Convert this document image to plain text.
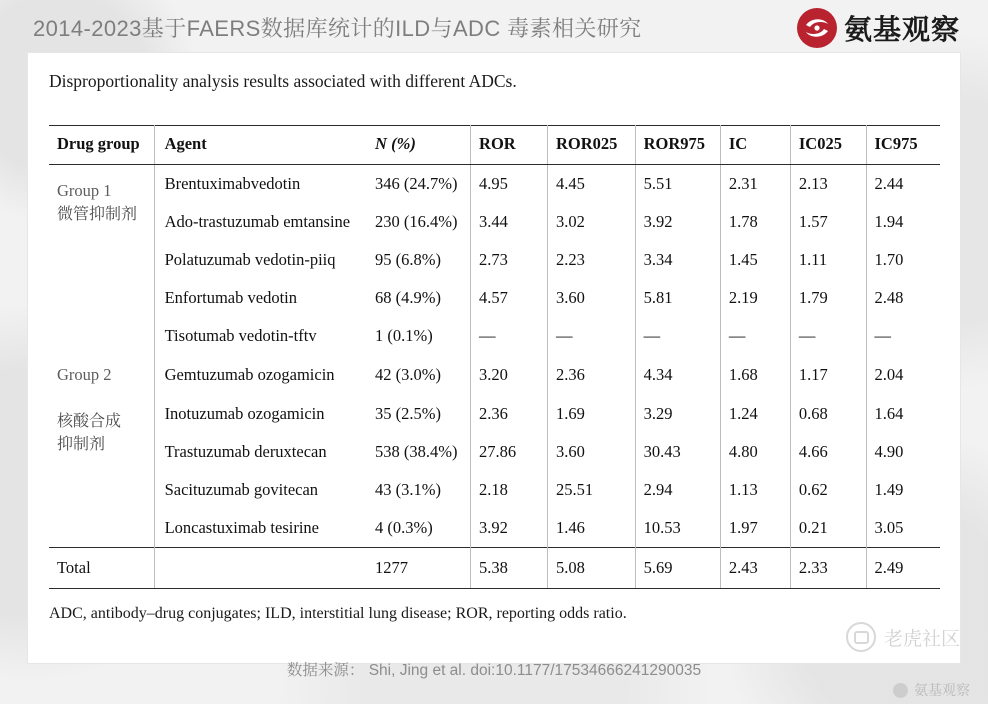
2014-2023基于FAERS数据库统计的ILD与ADC 毒素相关研究	氨基观察
Disproportionality analysis results associated with different ADCs.
Drug group	Agent	N (%)	ROR	ROR025	ROR975	IC	IC025	IC975

Group 1
微管抑制剂	Brentuximabvedotin	346 (24.7%)	4.95	4.45	5.51	2.31	2.13	2.44
	Ado-trastuzumab emtansine	230 (16.4%)	3.44	3.02	3.92	1.78	1.57	1.94
	Polatuzumab vedotin-piiq	95 (6.8%)	2.73	2.23	3.34	1.45	1.11	1.70
	Enfortumab vedotin	68 (4.9%)	4.57	3.60	5.81	2.19	1.79	2.48
	Tisotumab vedotin-tftv	1 (0.1%)	—	—	—	—	—	—

Group 2	Gemtuzumab ozogamicin	42 (3.0%)	3.20	2.36	4.34	1.68	1.17	2.04

核酸合成
抑制剂	Inotuzumab ozogamicin	35 (2.5%)	2.36	1.69	3.29	1.24	0.68	1.64
	Trastuzumab deruxtecan	538 (38.4%)	27.86	3.60	30.43	4.80	4.66	4.90
	Sacituzumab govitecan	43 (3.1%)	2.18	25.51	2.94	1.13	0.62	1.49
	Loncastuximab tesirine	4 (0.3%)	3.92	1.46	10.53	1.97	0.21	3.05
Total		1277	5.38	5.08	5.69	2.43	2.33	2.49
ADC, antibody–drug conjugates; ILD, interstitial lung disease; ROR, reporting odds ratio.
数据来源： Shi, Jing et al. doi:10.1177/17534666241290035
老虎社区
氨基观察
